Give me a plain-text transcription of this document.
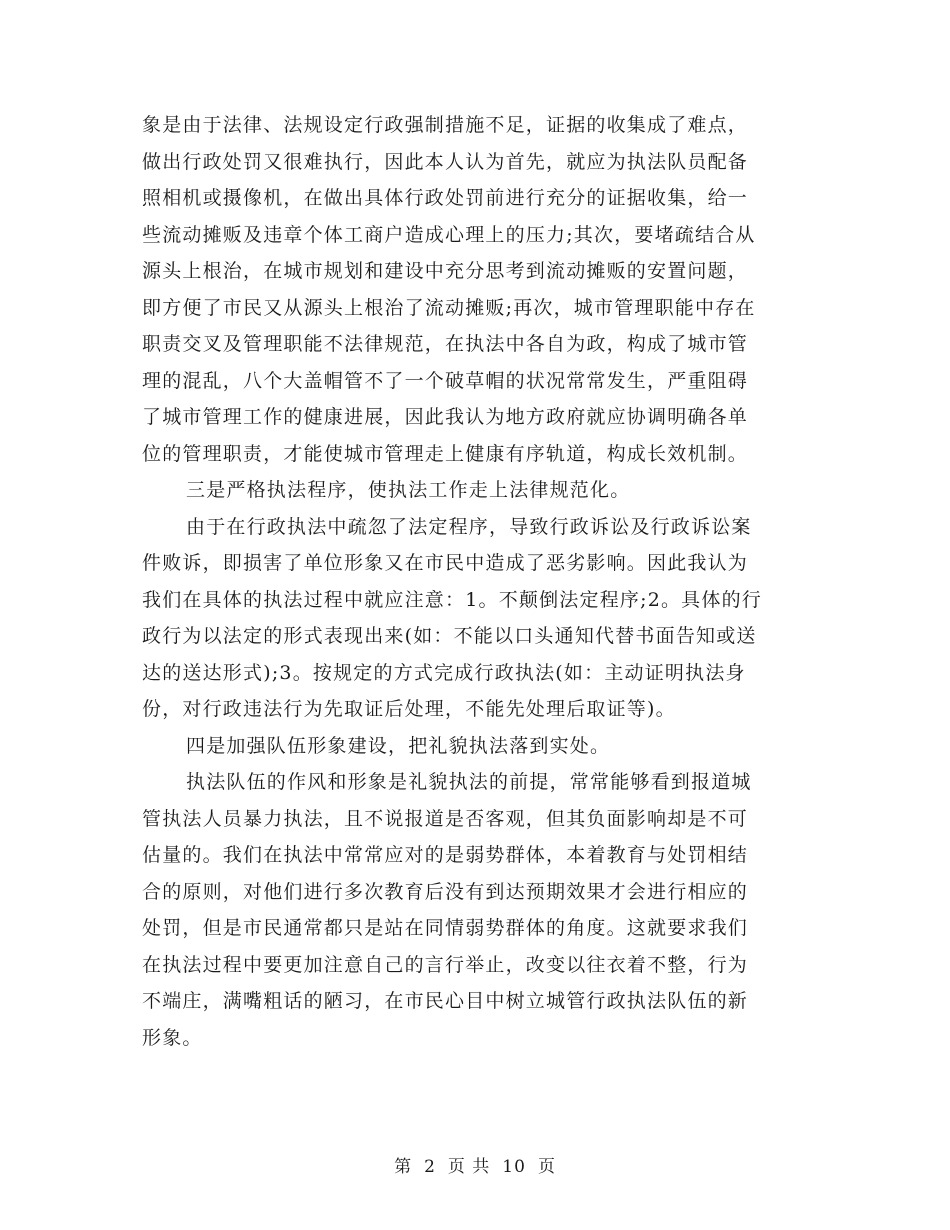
象是由于法律、法规设定行政强制措施不足，证据的收集成了难点，
做出行政处罚又很难执行，因此本人认为首先，就应为执法队员配备
照相机或摄像机，在做出具体行政处罚前进行充分的证据收集，给一
些流动摊贩及违章个体工商户造成心理上的压力;其次，要堵疏结合从
源头上根治，在城市规划和建设中充分思考到流动摊贩的安置问题，
即方便了市民又从源头上根治了流动摊贩;再次，城市管理职能中存在
职责交叉及管理职能不法律规范，在执法中各自为政，构成了城市管
理的混乱，八个大盖帽管不了一个破草帽的状况常常发生，严重阻碍
了城市管理工作的健康进展，因此我认为地方政府就应协调明确各单
位的管理职责，才能使城市管理走上健康有序轨道，构成长效机制。
三是严格执法程序，使执法工作走上法律规范化。
由于在行政执法中疏忽了法定程序，导致行政诉讼及行政诉讼案
件败诉，即损害了单位形象又在市民中造成了恶劣影响。因此我认为
我们在具体的执法过程中就应注意：1。不颠倒法定程序;2。具体的行
政行为以法定的形式表现出来(如：不能以口头通知代替书面告知或送
达的送达形式);3。按规定的方式完成行政执法(如：主动证明执法身
份，对行政违法行为先取证后处理，不能先处理后取证等)。
四是加强队伍形象建设，把礼貌执法落到实处。
执法队伍的作风和形象是礼貌执法的前提，常常能够看到报道城
管执法人员暴力执法，且不说报道是否客观，但其负面影响却是不可
估量的。我们在执法中常常应对的是弱势群体，本着教育与处罚相结
合的原则，对他们进行多次教育后没有到达预期效果才会进行相应的
处罚，但是市民通常都只是站在同情弱势群体的角度。这就要求我们
在执法过程中要更加注意自己的言行举止，改变以往衣着不整，行为
不端庄，满嘴粗话的陋习，在市民心目中树立城管行政执法队伍的新
形象。
第 2 页 共 10 页
